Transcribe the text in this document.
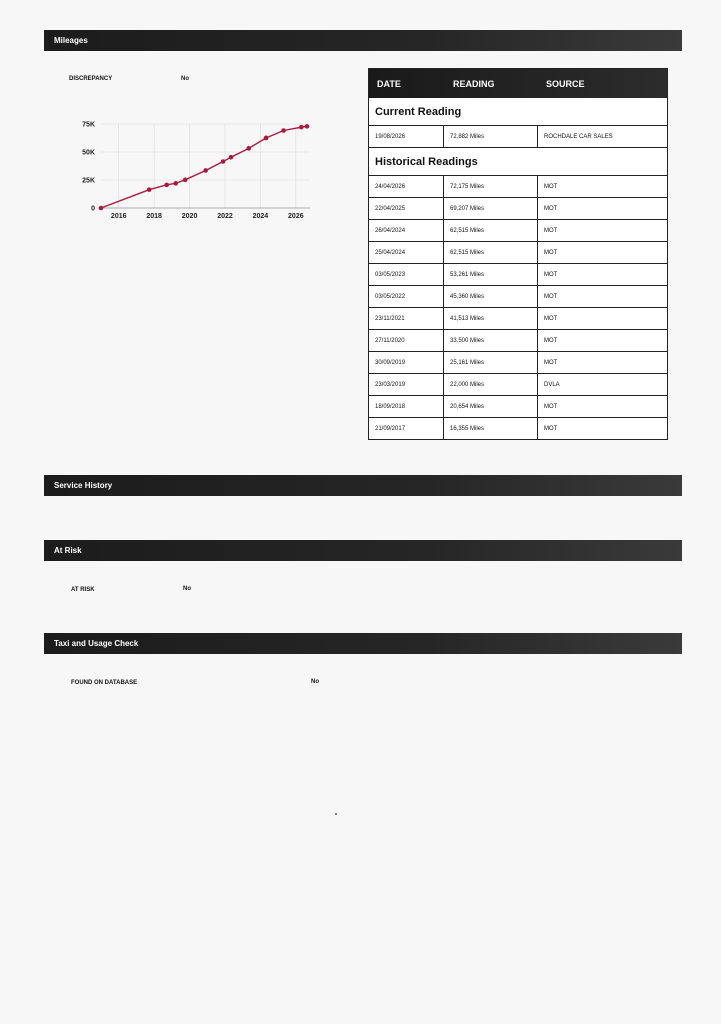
Mileages
DISCREPANCY	No
0
25K
50K
75K
2016	2018	2020	2022	2024	2026
DATE	READING	SOURCE
Current Reading
19/08/2026	72,882 Miles	ROCHDALE CAR SALES
Historical Readings
24/04/2026	72,175 Miles	MOT
22/04/2025	69,207 Miles	MOT
26/04/2024	62,515 Miles	MOT
25/04/2024	62,515 Miles	MOT
03/05/2023	53,261 Miles	MOT
03/05/2022	45,360 Miles	MOT
23/11/2021	41,513 Miles	MOT
27/11/2020	33,500 Miles	MOT
30/09/2019	25,161 Miles	MOT
23/03/2019	22,000 Miles	DVLA
18/09/2018	20,654 Miles	MOT
21/09/2017	16,355 Miles	MOT
Service History
At Risk
AT RISK	No
Taxi and Usage Check
FOUND ON DATABASE	No
